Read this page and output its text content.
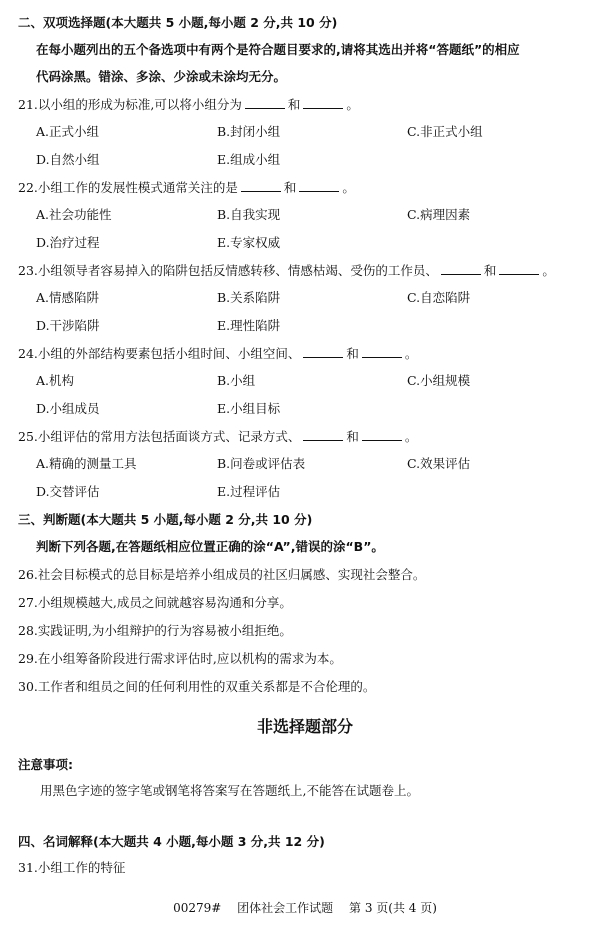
二、双项选择题(本大题共 5 小题,每小题 2 分,共 10 分)
在每小题列出的五个备选项中有两个是符合题目要求的,请将其选出并将“答题纸”的相应
代码涂黑。错涂、多涂、少涂或未涂均无分。
21.以小组的形成为标准,可以将小组分为	和	。
A.正式小组	B.封闭小组	C.非正式小组
D.自然小组	E.组成小组
22.小组工作的发展性模式通常关注的是	和	。
A.社会功能性	B.自我实现	C.病理因素
D.治疗过程	E.专家权威
23.小组领导者容易掉入的陷阱包括反情感转移、情感枯竭、受伤的工作员、	和	。
A.情感陷阱	B.关系陷阱	C.自恋陷阱
D.干涉陷阱	E.理性陷阱
24.小组的外部结构要素包括小组时间、小组空间、	和	。
A.机构	B.小组	C.小组规模
D.小组成员	E.小组目标
25.小组评估的常用方法包括面谈方式、记录方式、	和	。
A.精确的测量工具	B.问卷或评估表	C.效果评估
D.交替评估	E.过程评估
三、判断题(本大题共 5 小题,每小题 2 分,共 10 分)
判断下列各题,在答题纸相应位置正确的涂“A”,错误的涂“B”。
26.社会目标模式的总目标是培养小组成员的社区归属感、实现社会整合。
27.小组规模越大,成员之间就越容易沟通和分享。
28.实践证明,为小组辩护的行为容易被小组拒绝。
29.在小组筹备阶段进行需求评估时,应以机构的需求为本。
30.工作者和组员之间的任何利用性的双重关系都是不合伦理的。
非选择题部分
注意事项:
用黑色字迹的签字笔或钢笔将答案写在答题纸上,不能答在试题卷上。
四、名词解释(本大题共 4 小题,每小题 3 分,共 12 分)
31.小组工作的特征
00279# 团体社会工作试题 第 3 页(共 4 页)
